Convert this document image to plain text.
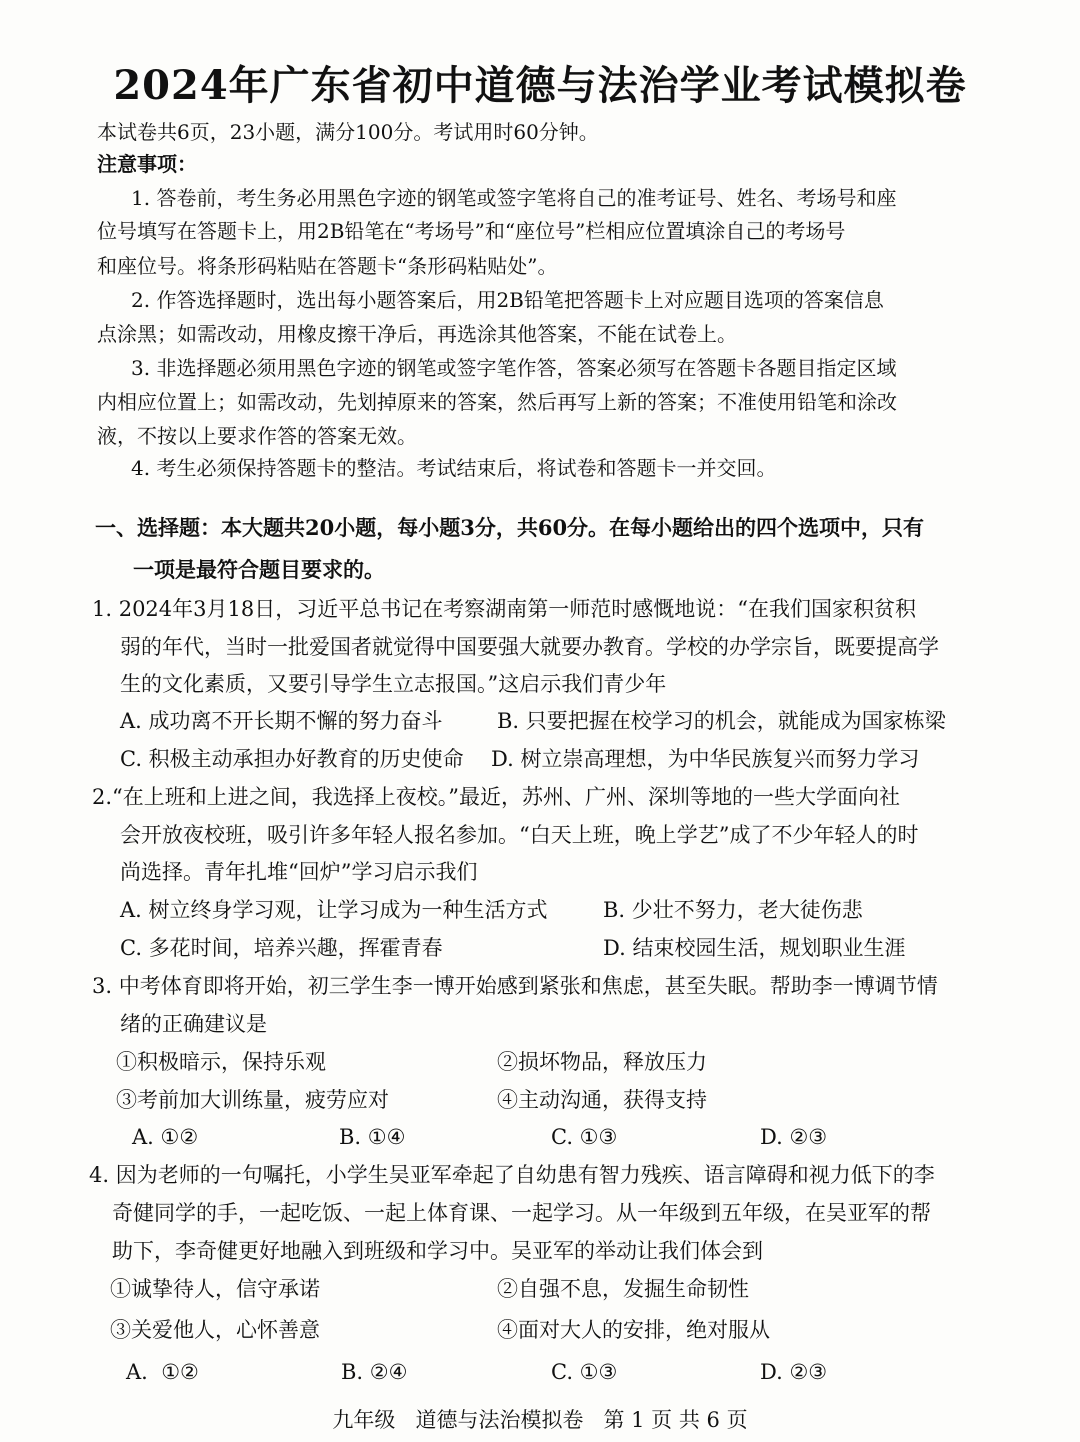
2024年广东省初中道德与法治学业考试模拟卷
本试卷共6页，23小题，满分100分。考试用时60分钟。
注意事项：
1. 答卷前，考生务必用黑色字迹的钢笔或签字笔将自己的准考证号、姓名、考场号和座
位号填写在答题卡上，用2B铅笔在“考场号”和“座位号”栏相应位置填涂自己的考场号
和座位号。将条形码粘贴在答题卡“条形码粘贴处”。
2. 作答选择题时，选出每小题答案后，用2B铅笔把答题卡上对应题目选项的答案信息
点涂黑；如需改动，用橡皮擦干净后，再选涂其他答案，不能在试卷上。
3. 非选择题必须用黑色字迹的钢笔或签字笔作答，答案必须写在答题卡各题目指定区域
内相应位置上；如需改动，先划掉原来的答案，然后再写上新的答案；不准使用铅笔和涂改
液，不按以上要求作答的答案无效。
4. 考生必须保持答题卡的整洁。考试结束后，将试卷和答题卡一并交回。
一、选择题：本大题共20小题，每小题3分，共60分。在每小题给出的四个选项中，只有
一项是最符合题目要求的。
1. 2024年3月18日，习近平总书记在考察湖南第一师范时感慨地说：“在我们国家积贫积
弱的年代，当时一批爱国者就觉得中国要强大就要办教育。学校的办学宗旨，既要提高学
生的文化素质，又要引导学生立志报国。”这启示我们青少年
A. 成功离不开长期不懈的努力奋斗	B. 只要把握在校学习的机会，就能成为国家栋梁
C. 积极主动承担办好教育的历史使命 D. 树立崇高理想，为中华民族复兴而努力学习
2.“在上班和上进之间，我选择上夜校。”最近，苏州、广州、深圳等地的一些大学面向社
会开放夜校班，吸引许多年轻人报名参加。“白天上班，晚上学艺”成了不少年轻人的时
尚选择。青年扎堆“回炉”学习启示我们
A. 树立终身学习观，让学习成为一种生活方式	B. 少壮不努力，老大徒伤悲
C. 多花时间，培养兴趣，挥霍青春	D. 结束校园生活，规划职业生涯
3. 中考体育即将开始，初三学生李一博开始感到紧张和焦虑，甚至失眠。帮助李一博调节情
绪的正确建议是
①积极暗示，保持乐观	②损坏物品，释放压力
③考前加大训练量，疲劳应对	④主动沟通，获得支持
A. ①②	B. ①④	C. ①③	D. ②③
4. 因为老师的一句嘱托，小学生吴亚军牵起了自幼患有智力残疾、语言障碍和视力低下的李
奇健同学的手，一起吃饭、一起上体育课、一起学习。从一年级到五年级，在吴亚军的帮
助下，李奇健更好地融入到班级和学习中。吴亚军的举动让我们体会到
①诚挚待人，信守承诺	②自强不息，发掘生命韧性
③关爱他人，心怀善意	④面对大人的安排，绝对服从
A.  ①②	B. ②④	C. ①③	D. ②③
九年级   道德与法治模拟卷   第 1 页 共 6 页
